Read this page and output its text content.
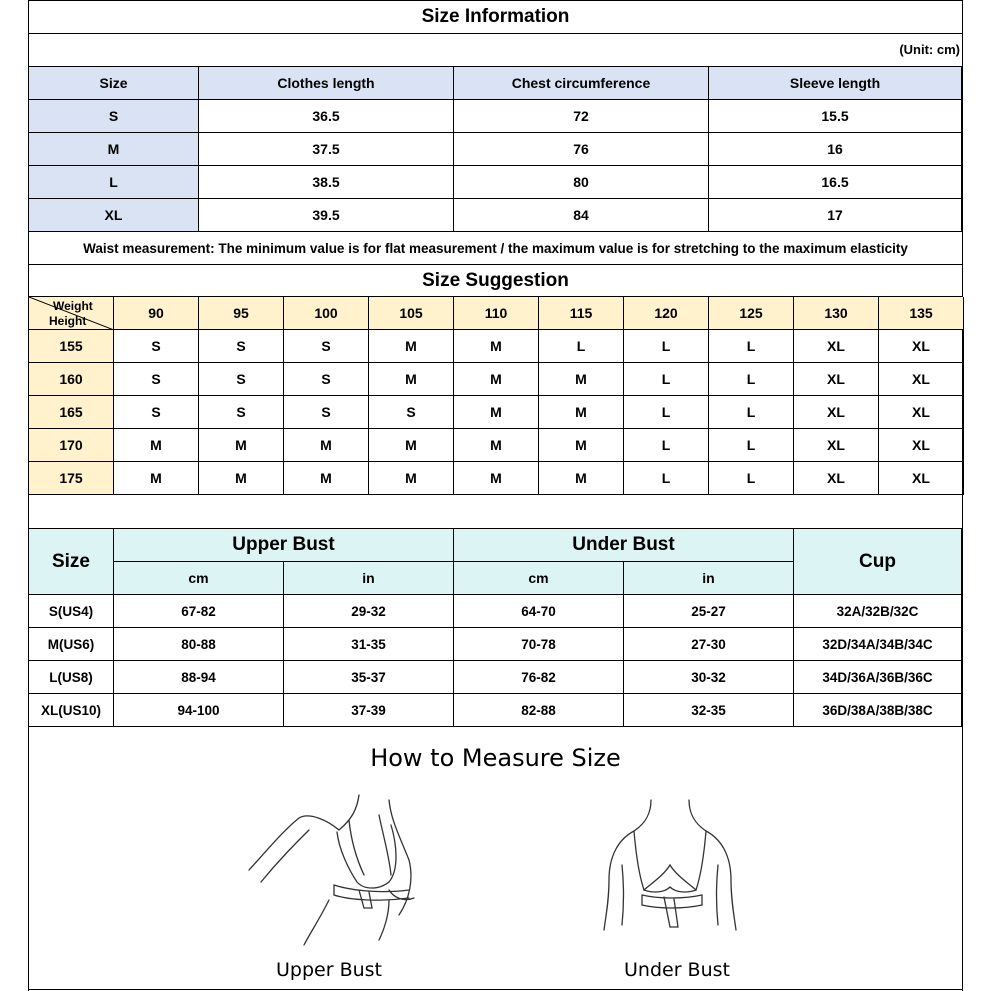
Size Information
(Unit: cm)
Size	Clothes length	Chest circumference	Sleeve length
S	36.5	72	15.5
M	37.5	76	16
L	38.5	80	16.5
XL	39.5	84	17
Waist measurement: The minimum value is for flat measurement / the maximum value is for stretching to the maximum elasticity
Size Suggestion
Weight
Height	90	95	100	105	110	115	120	125	130	135
155	S	S	S	M	M	L	L	L	XL	XL
160	S	S	S	M	M	M	L	L	XL	XL
165	S	S	S	S	M	M	L	L	XL	XL
170	M	M	M	M	M	M	L	L	XL	XL
175	M	M	M	M	M	M	L	L	XL	XL
Size
Upper Bust	Under Bust
Cup
cm	in	cm	in
S(US4)	67-82	29-32	64-70	25-27	32A/32B/32C
M(US6)	80-88	31-35	70-78	27-30	32D/34A/34B/34C
L(US8)	88-94	35-37	76-82	30-32	34D/36A/36B/36C
XL(US10)	94-100	37-39	82-88	32-35	36D/38A/38B/38C
How to Measure Size
Upper Bust	Under Bust
